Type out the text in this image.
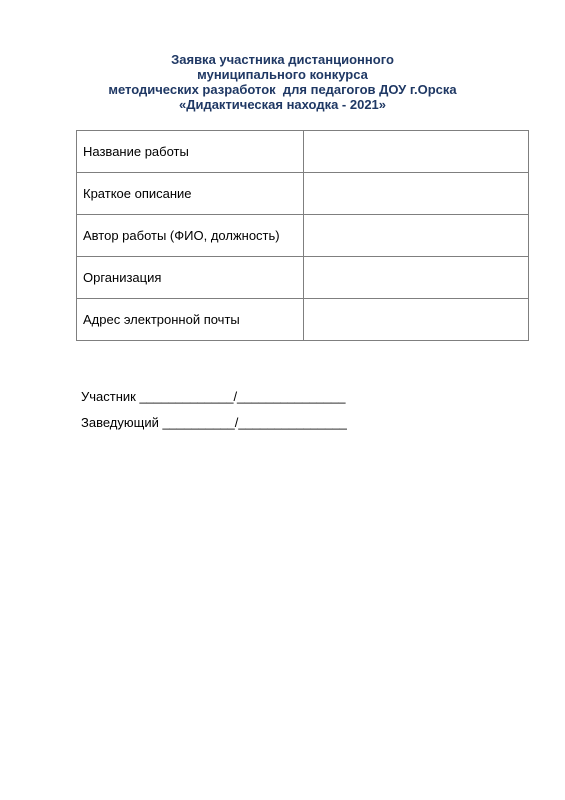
Заявка участника дистанционного
муниципального конкурса
методических разработок  для педагогов ДОУ г.Орска
«Дидактическая находка - 2021»
Название работы	
Краткое описание	
Автор работы (ФИО, должность)	
Организация	
Адрес электронной почты	
Участник _____________/_______________
Заведующий __________/_______________
